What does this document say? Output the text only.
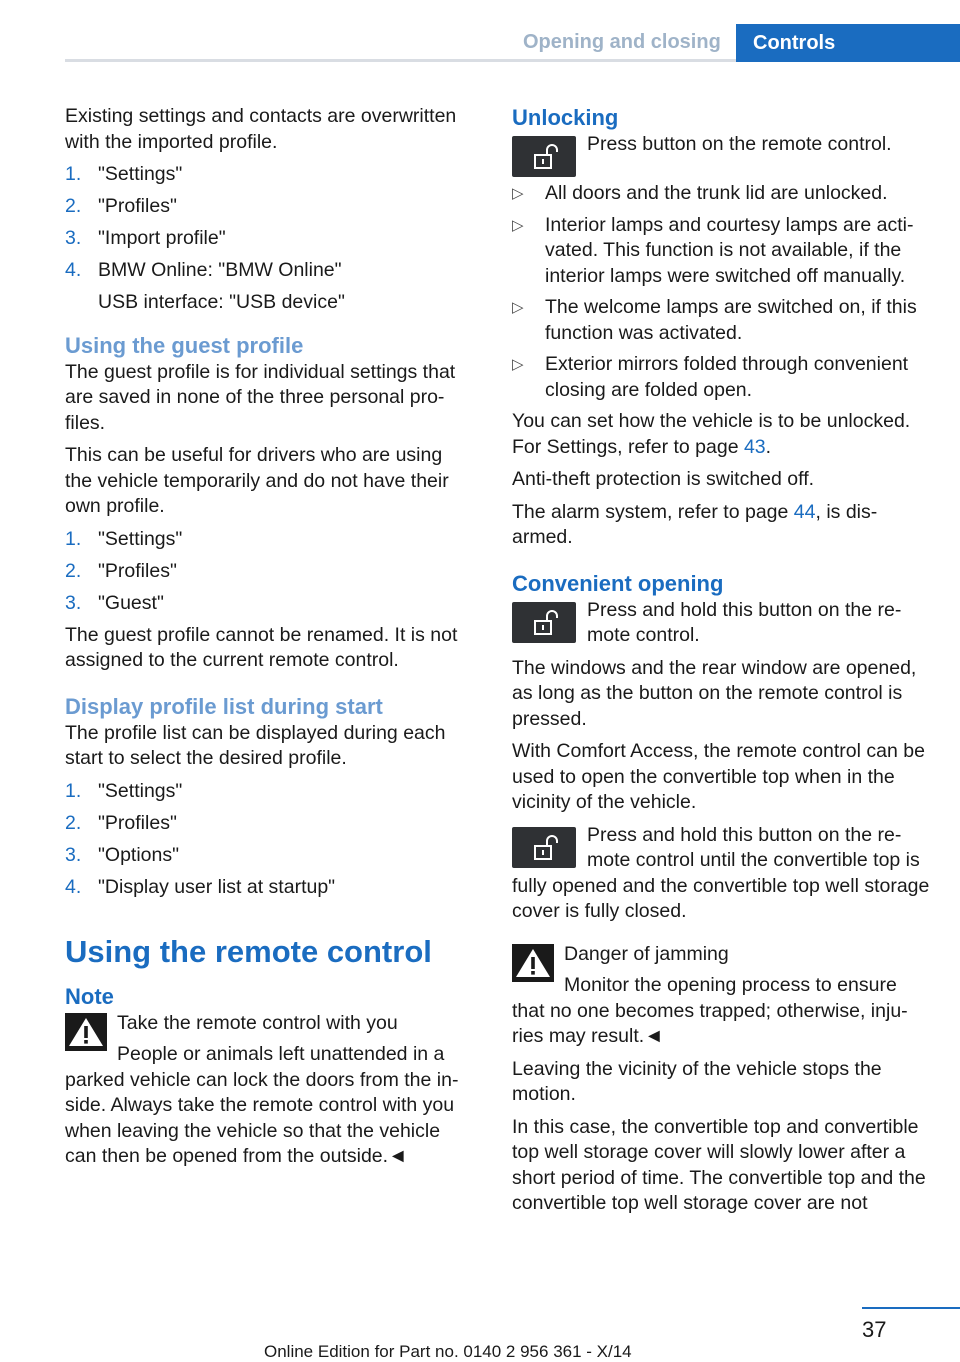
Opening and closing	Controls

Existing settings and contacts are overwritten with the imported profile.

1. "Settings"
2. "Profiles"
3. "Import profile"
4. BMW Online: "BMW Online"
USB interface: "USB device"
Using the guest profile

The guest profile is for individual settings that are saved in none of the three personal pro-files.

This can be useful for drivers who are using the vehicle temporarily and do not have their own profile.

1. "Settings"
2. "Profiles"
3. "Guest"

The guest profile cannot be renamed. It is not assigned to the current remote control.

Display profile list during start

The profile list can be displayed during each start to select the desired profile.

1. "Settings"
2. "Profiles"
3. "Options"
4. "Display user list at startup"
Using the remote control
Note

Take the remote control with you

People or animals left unattended in a parked vehicle can lock the doors from the in-side. Always take the remote control with you when leaving the vehicle so that the vehicle can then be opened from the outside.◄

Unlocking

Press button on the remote control.

▷ All doors and the trunk lid are unlocked.
▷ Interior lamps and courtesy lamps are acti-vated. This function is not available, if the interior lamps were switched off manually.
▷ The welcome lamps are switched on, if this function was activated.
▷ Exterior mirrors folded through convenient closing are folded open.

You can set how the vehicle is to be unlocked. For Settings, refer to page 43.

Anti-theft protection is switched off.

The alarm system, refer to page 44, is dis-armed.

Convenient opening

Press and hold this button on the re-mote control.

The windows and the rear window are opened, as long as the button on the remote control is pressed.

With Comfort Access, the remote control can be used to open the convertible top when in the vicinity of the vehicle.

Press and hold this button on the re-mote control until the convertible top is fully opened and the convertible top well storage cover is fully closed.

Danger of jamming

Monitor the opening process to ensure that no one becomes trapped; otherwise, inju-ries may result.◄

Leaving the vicinity of the vehicle stops the motion.

In this case, the convertible top and convertible top well storage cover will slowly lower after a short period of time. The convertible top and the convertible top well storage cover are not

37
Online Edition for Part no. 0140 2 956 361 - X/14
